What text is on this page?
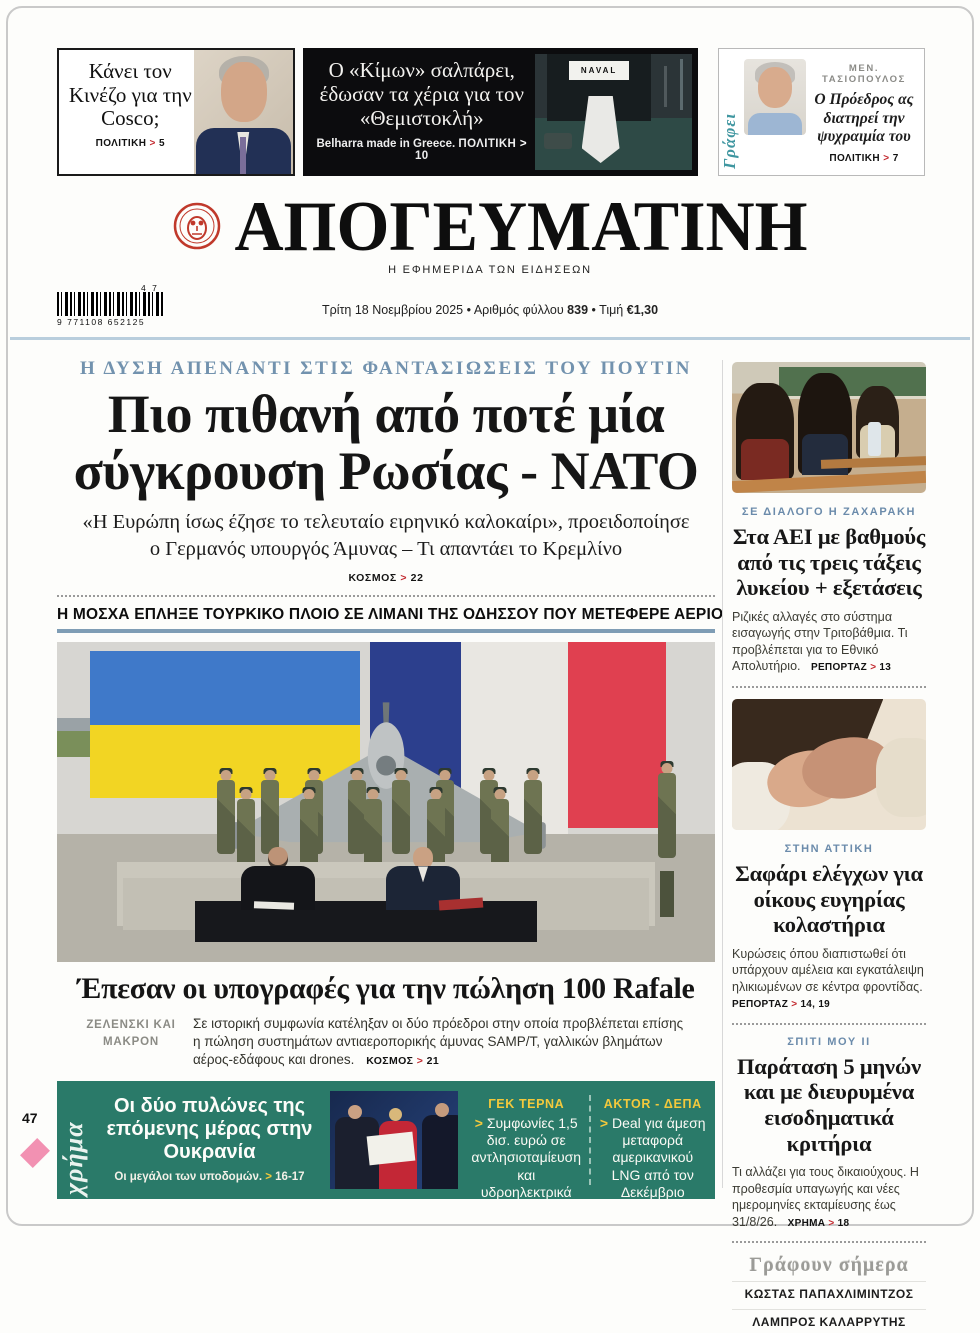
Κάνει τον Κινέζο για την Cosco;
ΠΟΛΙΤΙΚΗ > 5
Ο «Κίμων» σαλπάρει, έδωσαν τα χέρια για τον «Θεμιστοκλή»
Belharra made in Greece. ΠΟΛΙΤΙΚΗ > 10
NAVAL
Γράφει
ΜΕΝ. ΤΑΣΙΟΠΟΥΛΟΣ
Ο Πρόεδρος ας διατηρεί την ψυχραιμία του
ΠΟΛΙΤΙΚΗ > 7
ΑΠΟΓΕΥΜΑΤΙΝΗ
Η ΕΦΗΜΕΡΙΔΑ ΤΩΝ ΕΙΔΗΣΕΩΝ
4 7
9 771108 652125
Τρίτη 18 Νοεμβρίου 2025 • Αριθμός φύλλου 839 • Τιμή €1,30
Η ΔΥΣΗ ΑΠΕΝΑΝΤΙ ΣΤΙΣ ΦΑΝΤΑΣΙΩΣΕΙΣ ΤΟΥ ΠΟΥΤΙΝ
Πιο πιθανή από ποτέ μία σύγκρουση Ρωσίας - ΝΑΤΟ
«Η Ευρώπη ίσως έζησε το τελευταίο ειρηνικό καλοκαίρι», προειδοποίησε ο Γερμανός υπουργός Άμυνας – Τι απαντάει το Κρεμλίνο
ΚΟΣΜΟΣ > 22
Η ΜΟΣΧΑ ΕΠΛΗΞΕ ΤΟΥΡΚΙΚΟ ΠΛΟΙΟ ΣΕ ΛΙΜΑΝΙ ΤΗΣ ΟΔΗΣΣΟΥ ΠΟΥ ΜΕΤΕΦΕΡΕ ΑΕΡΙΟ
Έπεσαν οι υπογραφές για την πώληση 100 Rafale
ΖΕΛΕΝΣΚΙ ΚΑΙ ΜΑΚΡΟΝ
Σε ιστορική συμφωνία κατέληξαν οι δύο πρόεδροι στην οποία προβλέπεται επίσης η πώληση συστημάτων αντιαεροπορικής άμυνας SAMP/T, γαλλικών βλημάτων αέρος-εδάφους και drones. ΚΟΣΜΟΣ > 21
χρήμα
Οι δύο πυλώνες της επόμενης μέρας στην Ουκρανία
Οι μεγάλοι των υποδομών. > 16-17
ΓΕΚ ΤΕΡΝΑ
> Συμφωνίες 1,5 δισ. ευρώ σε αντλησιοταμίευση και υδροηλεκτρικά
AKTOR - ΔΕΠΑ
> Deal για άμεση μεταφορά αμερικανικού LNG από τον Δεκέμβριο
ΣΕ ΔΙΑΛΟΓΟ Η ΖΑΧΑΡΑΚΗ
Στα ΑΕΙ με βαθμούς από τις τρεις τάξεις λυκείου + εξετάσεις
Ριζικές αλλαγές στο σύστημα εισαγωγής στην Τριτοβάθμια. Τι προβλέπεται για το Εθνικό Απολυτήριο. ΡΕΠΟΡΤΑΖ > 13
ΣΤΗΝ ΑΤΤΙΚΗ
Σαφάρι ελέγχων για οίκους ευγηρίας κολαστήρια
Κυρώσεις όπου διαπιστωθεί ότι υπάρχουν αμέλεια και εγκατάλειψη ηλικιωμένων σε κέντρα φροντίδας. ΡΕΠΟΡΤΑΖ > 14, 19
ΣΠΙΤΙ ΜΟΥ ΙΙ
Παράταση 5 μηνών και με διευρυμένα εισοδηματικά κριτήρια
Τι αλλάζει για τους δικαιούχους. Η προθεσμία υπαγωγής και νέες ημερομηνίες εκταμίευσης έως 31/8/26. ΧΡΗΜΑ > 18
Γράφουν σήμερα
ΚΩΣΤΑΣ ΠΑΠΑΧΛΙΜΙΝΤΖΟΣ
ΛΑΜΠΡΟΣ ΚΑΛΑΡΡΥΤΗΣ
47
